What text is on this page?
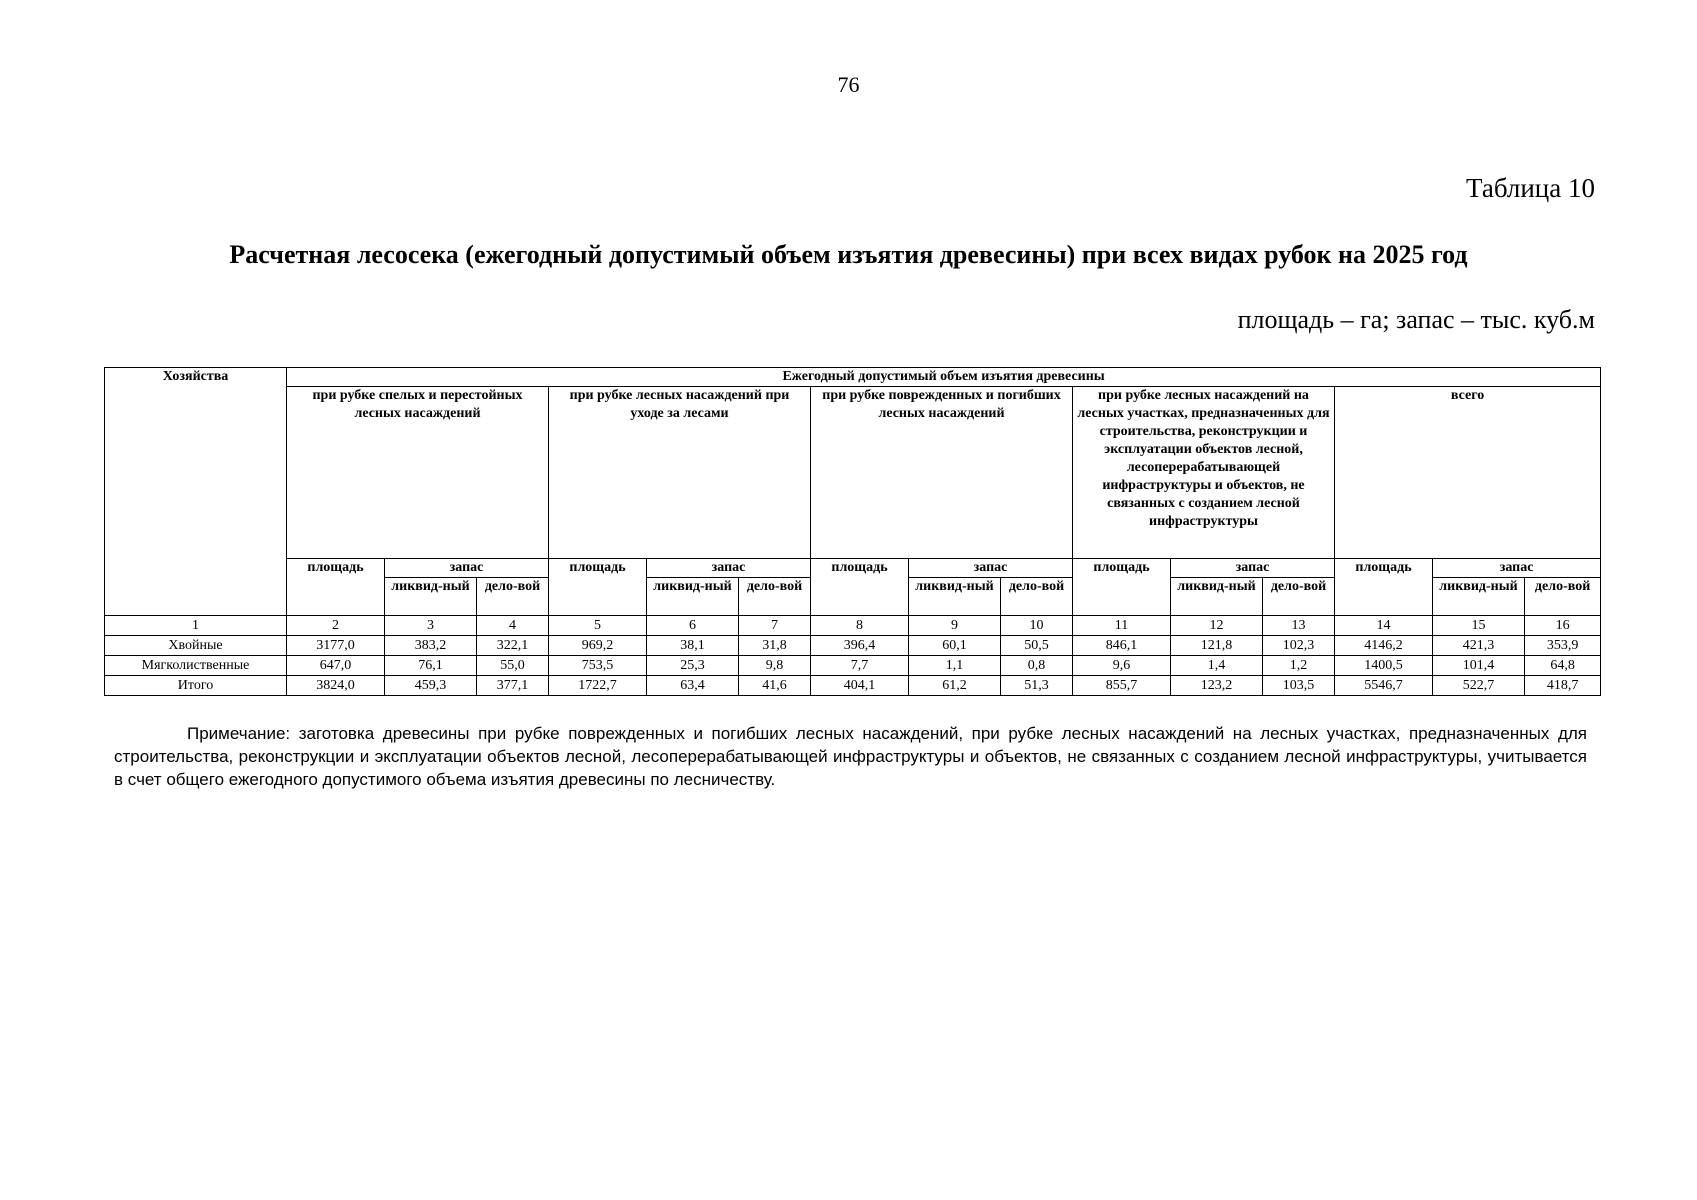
76
Таблица 10
Расчетная лесосека (ежегодный допустимый объем изъятия древесины) при всех видах рубок на 2025 год
площадь – га; запас – тыс. куб.м
Хозяйства	Ежегодный допустимый объем изъятия древесины														
	при рубке спелых и перестойных лесных насаждений			при рубке лесных насаждений при уходе за лесами			при рубке поврежденных и погибших лесных насаждений			при рубке лесных насаждений на лесных участках, предназначенных для строительства, реконструкции и эксплуатации объектов лесной, лесоперерабатывающей инфраструктуры и объектов, не связанных с созданием лесной инфраструктуры			всего		
	площадь	запас		площадь	запас		площадь	запас		площадь	запас		площадь	запас	
		ликвид-ный	дело-вой		ликвид-ный	дело-вой		ликвид-ный	дело-вой		ликвид-ный	дело-вой		ликвид-ный	дело-вой
1	2	3	4	5	6	7	8	9	10	11	12	13	14	15	16
Хвойные	3177,0	383,2	322,1	969,2	38,1	31,8	396,4	60,1	50,5	846,1	121,8	102,3	4146,2	421,3	353,9
Мягколиственные	647,0	76,1	55,0	753,5	25,3	9,8	7,7	1,1	0,8	9,6	1,4	1,2	1400,5	101,4	64,8
Итого	3824,0	459,3	377,1	1722,7	63,4	41,6	404,1	61,2	51,3	855,7	123,2	103,5	5546,7	522,7	418,7
Примечание: заготовка древесины при рубке поврежденных и погибших лесных насаждений, при рубке лесных насаждений на лесных участках, предназначенных для строительства, реконструкции и эксплуатации объектов лесной, лесоперерабатывающей инфраструктуры и объектов, не связанных с созданием лесной инфраструктуры, учитывается в счет общего ежегодного допустимого объема изъятия древесины по лесничеству.
